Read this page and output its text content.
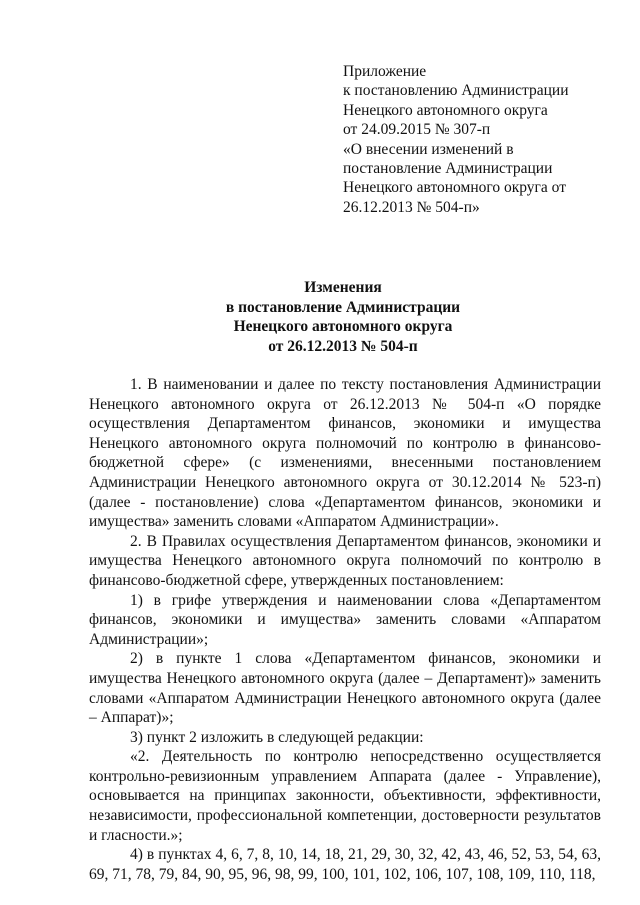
Приложение
к постановлению Администрации
Ненецкого автономного округа
от 24.09.2015 № 307-п
«О внесении изменений в
постановление Администрации
Ненецкого автономного округа от
26.12.2013 № 504-п»
Изменения
в постановление Администрации
Ненецкого автономного округа
от 26.12.2013 № 504-п

1. В наименовании и далее по тексту постановления Администрации Ненецкого автономного округа от 26.12.2013 № 504-п «О порядке осуществления Департаментом финансов, экономики и имущества Ненецкого автономного округа полномочий по контролю в финансово-бюджетной сфере» (с изменениями, внесенными постановлением Администрации Ненецкого автономного округа от 30.12.2014 № 523-п) (далее - постановление) слова «Департаментом финансов, экономики и имущества» заменить словами «Аппаратом Администрации».

2. В Правилах осуществления Департаментом финансов, экономики и имущества Ненецкого автономного округа полномочий по контролю в финансово-бюджетной сфере, утвержденных постановлением:

1) в грифе утверждения и наименовании слова «Департаментом финансов, экономики и имущества» заменить словами «Аппаратом Администрации»;

2) в пункте 1 слова «Департаментом финансов, экономики и имущества Ненецкого автономного округа (далее – Департамент)» заменить словами «Аппаратом Администрации Ненецкого автономного округа (далее – Аппарат)»;

3) пункт 2 изложить в следующей редакции:

«2. Деятельность по контролю непосредственно осуществляется контрольно-ревизионным управлением Аппарата (далее - Управление), основывается на принципах законности, объективности, эффективности, независимости, профессиональной компетенции, достоверности результатов и гласности.»;

4) в пунктах 4, 6, 7, 8, 10, 14, 18, 21, 29, 30, 32, 42, 43, 46, 52, 53, 54, 63, 69, 71, 78, 79, 84, 90, 95, 96, 98, 99, 100, 101, 102, 106, 107, 108, 109, 110, 118,
